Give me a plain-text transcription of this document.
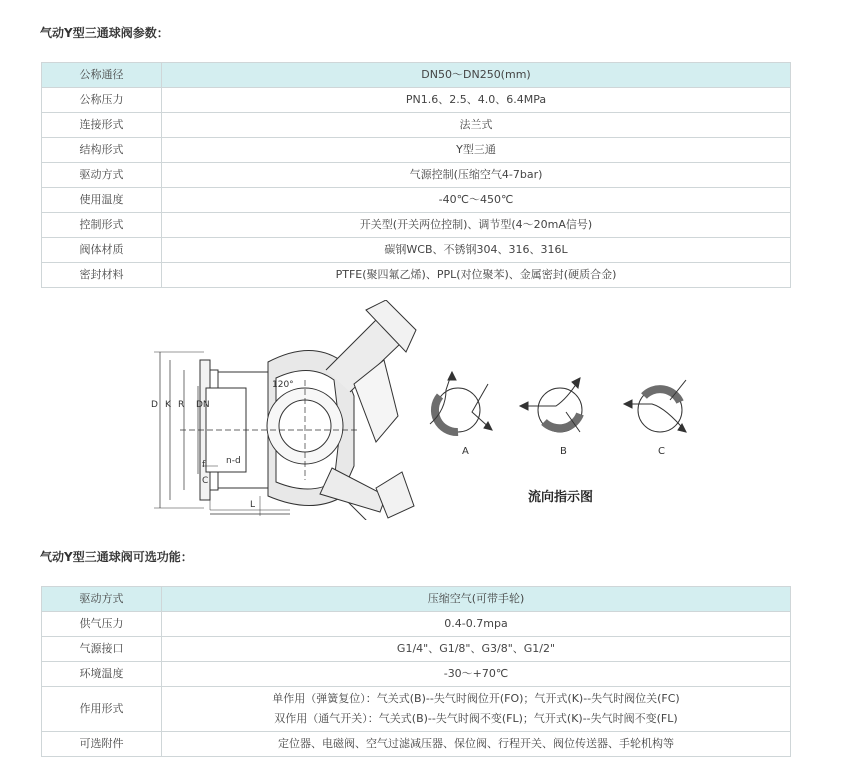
气动Y型三通球阀参数：
公称通径	DN50～DN250(mm)
公称压力	PN1.6、2.5、4.0、6.4MPa
连接形式	法兰式
结构形式	Y型三通
驱动方式	气源控制(压缩空气4-7bar)
使用温度	-40℃～450℃
控制形式	开关型(开关两位控制)、调节型(4～20mA信号)
阀体材质	碳钢WCB、不锈钢304、316、316L
密封材料	PTFE(聚四氟乙烯)、PPL(对位聚苯)、金属密封(硬质合金)
D K R DN
120°
f
C
n-d
L
A	B	C
流向指示图
气动Y型三通球阀可选功能：
驱动方式	压缩空气(可带手轮)
供气压力	0.4-0.7mpa
气源接口	G1/4"、G1/8"、G3/8"、G1/2"
环境温度	-30～+70℃
作用形式	单作用（弹簧复位）：气关式(B)--失气时阀位开(FO)；气开式(K)--失气时阀位关(FC)
双作用（通气开关）：气关式(B)--失气时阀不变(FL)；气开式(K)--失气时阀不变(FL)

可选附件	定位器、电磁阀、空气过滤减压器、保位阀、行程开关、阀位传送器、手轮机构等
